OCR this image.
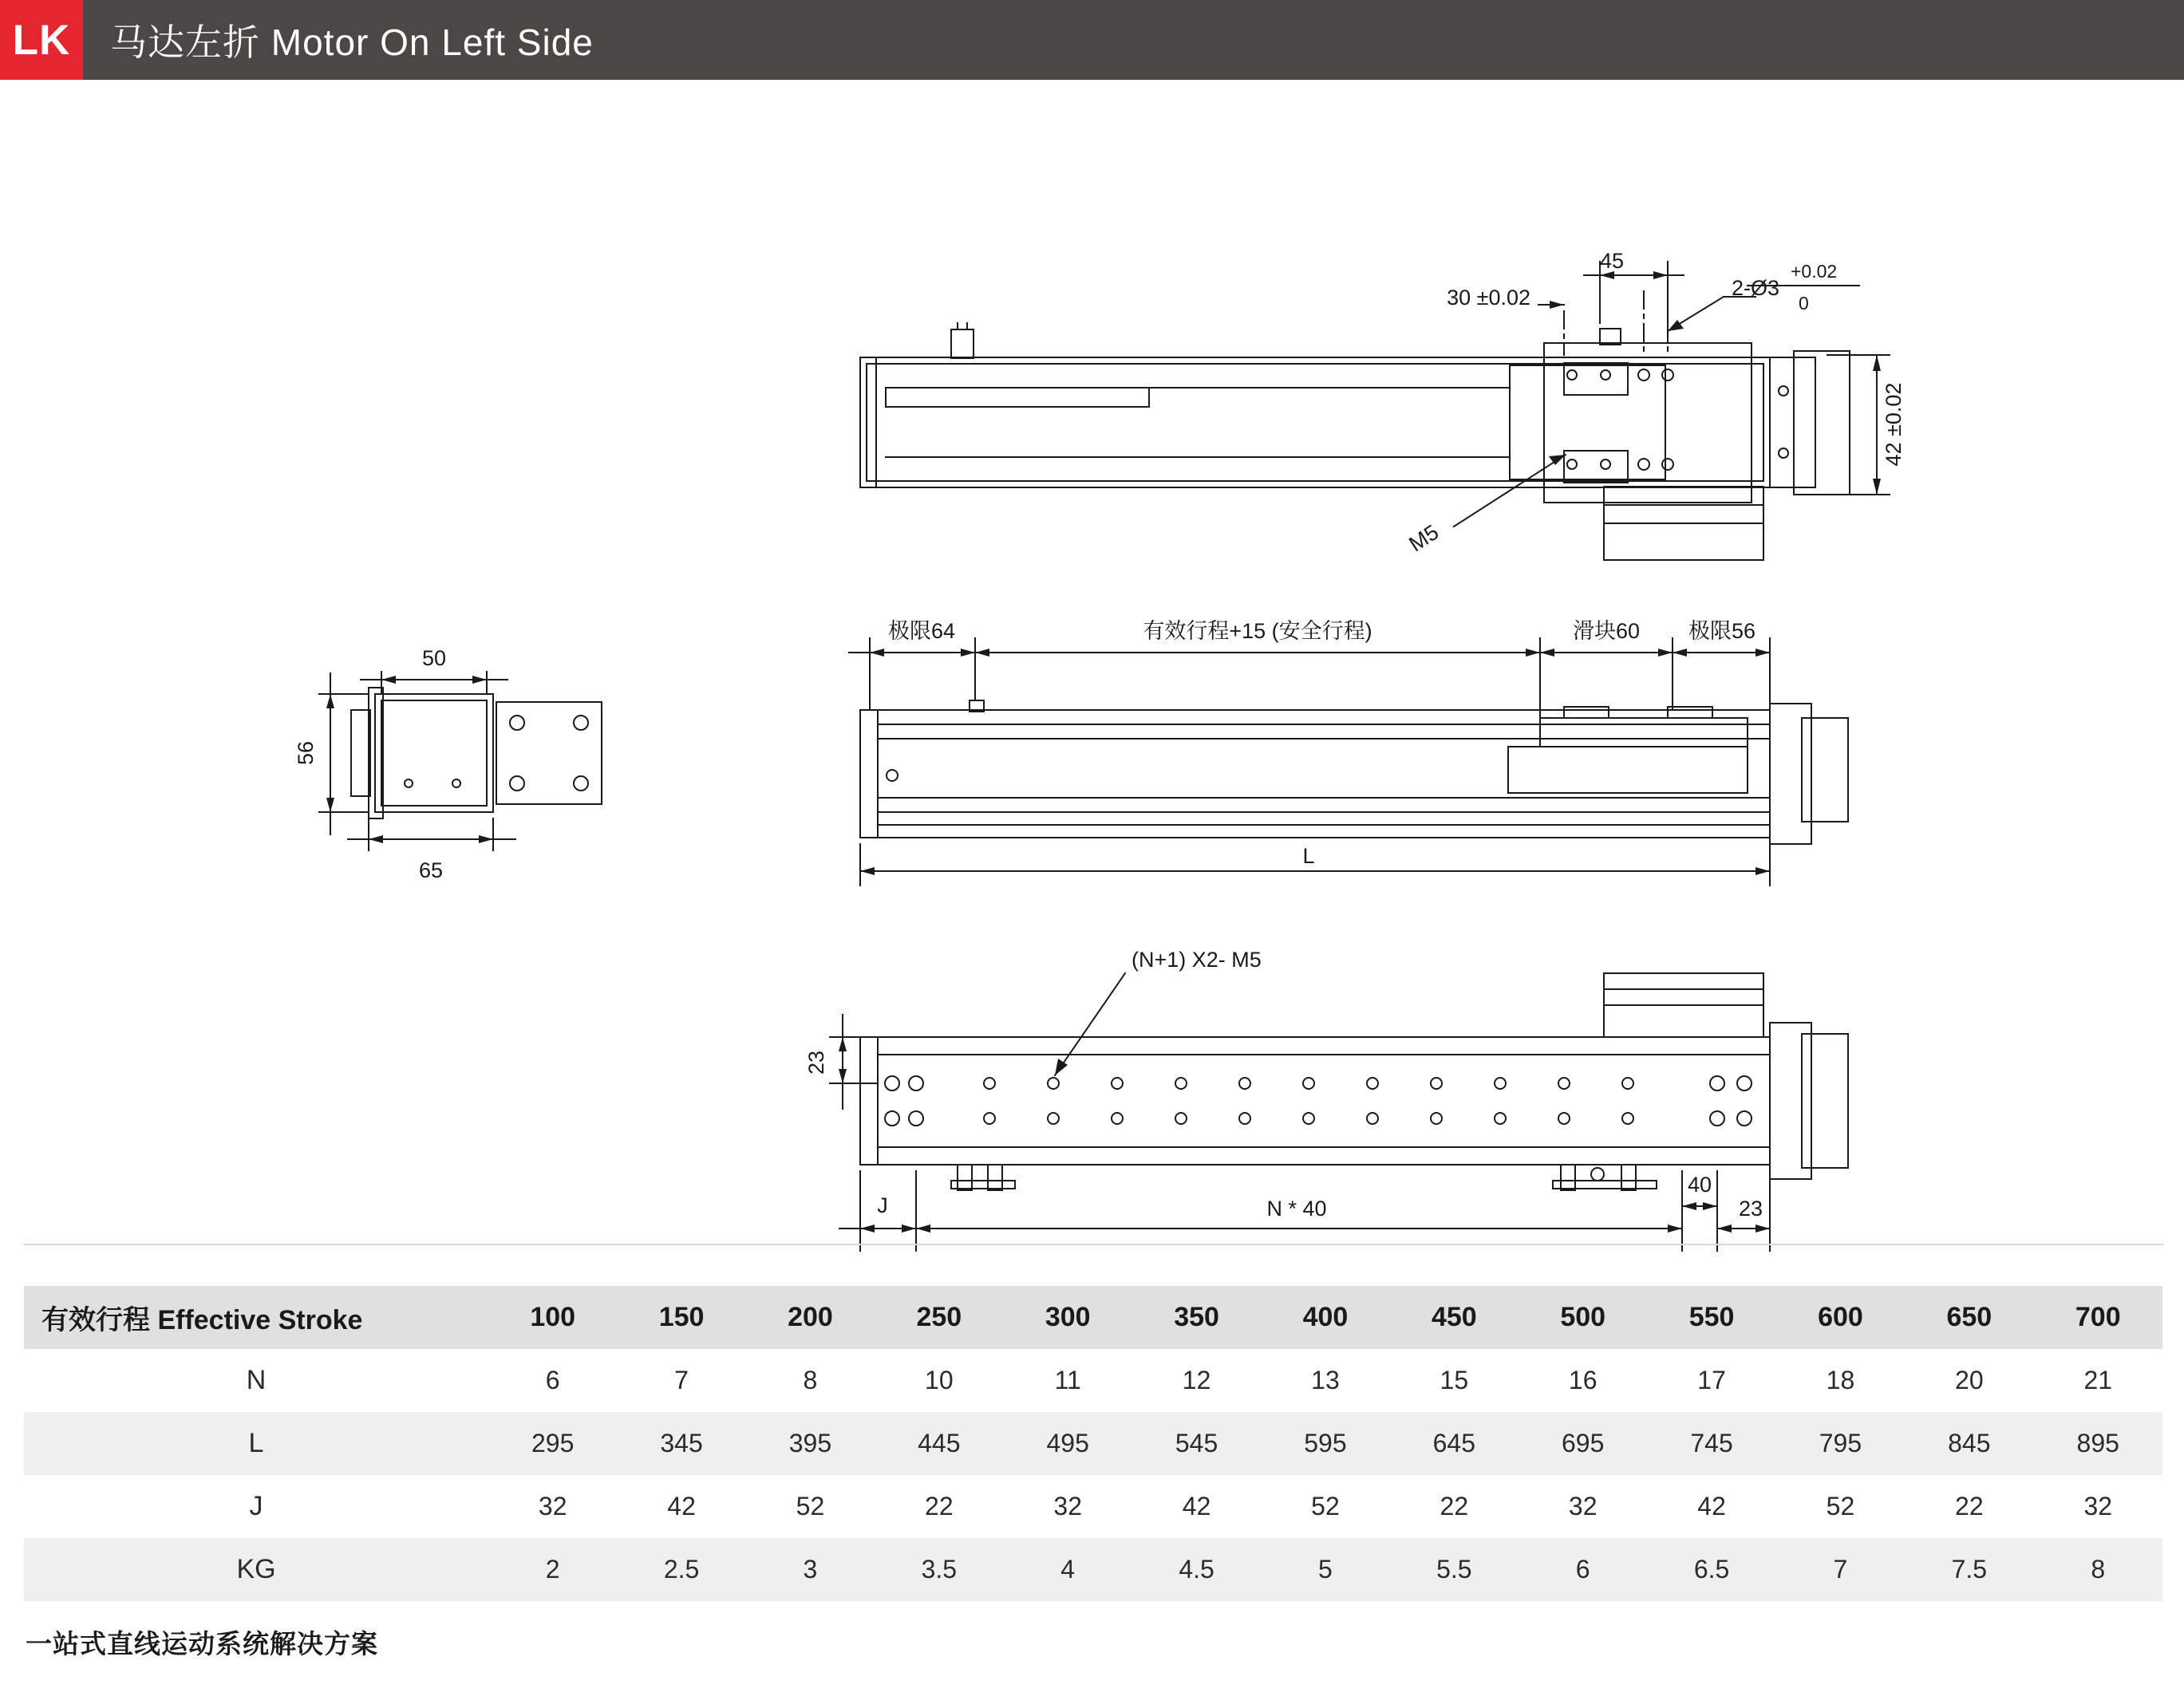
LK	马达左折 Motor On Left Side
45
30 ±0.02	2-Ø3
+0.02
0
M5
42 ±0.02
50
56
65
极限64	有效行程+15 (安全行程)	滑块60 极限56
L
(N+1) X2- M5
23
J	N * 40
40
23
有效行程 Effective Stroke	100	150	200	250	300	350	400	450	500	550	600	650	700
N	6	7	8	10	11	12	13	15	16	17	18	20	21
L	295	345	395	445	495	545	595	645	695	745	795	845	895
J	32	42	52	22	32	42	52	22	32	42	52	22	32
KG	2	2.5	3	3.5	4	4.5	5	5.5	6	6.5	7	7.5	8
一站式直线运动系统解决方案
